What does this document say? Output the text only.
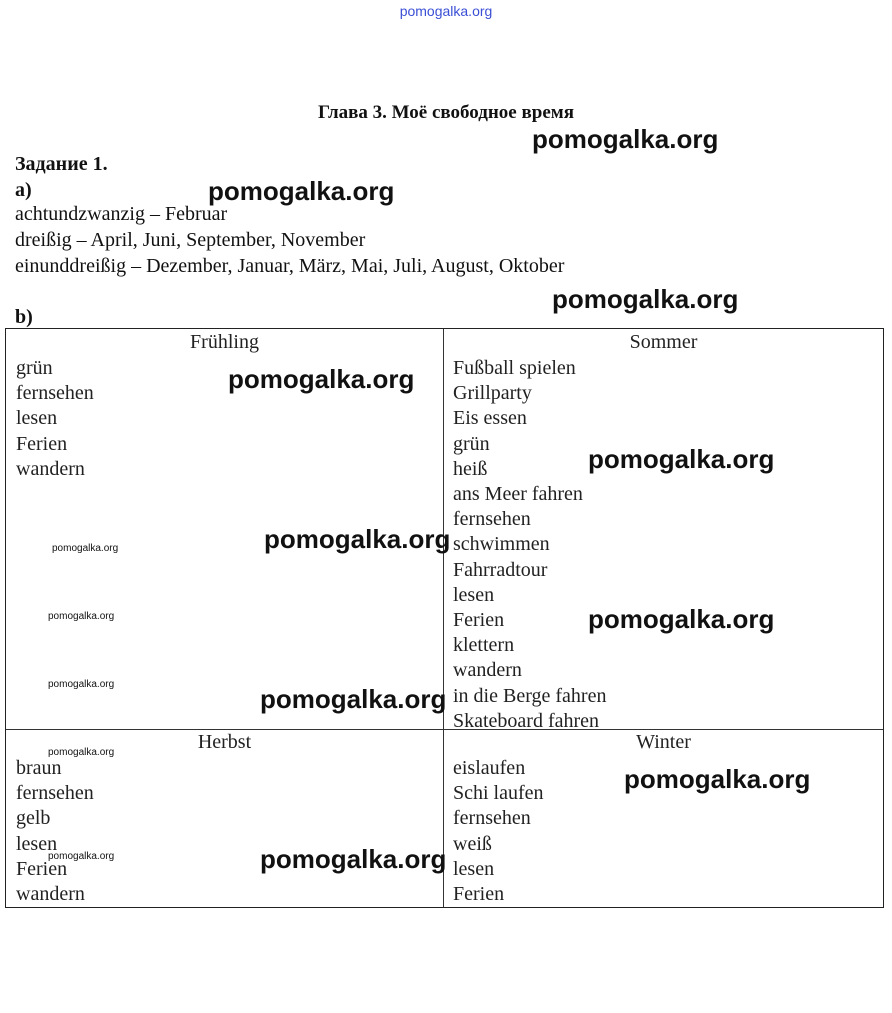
pomogalka.org
Глава 3. Моё свободное время
Задание 1.
a)
achtundzwanzig – Februar
dreißig – April, Juni, September, November
einunddreißig – Dezember, Januar, März, Mai, Juli, August, Oktober
b)
Frühling
grün
fernsehen
lesen
Ferien
wandern
Sommer
Fußball spielen
Grillparty
Eis essen
grün
heiß
ans Meer fahren
fernsehen
schwimmen
Fahrradtour
lesen
Ferien
klettern
wandern
in die Berge fahren
Skateboard fahren
Herbst
braun
fernsehen
gelb
lesen
Ferien
wandern
Winter
eislaufen
Schi laufen
fernsehen
weiß
lesen
Ferien
pomogalka.org
pomogalka.org
pomogalka.org
pomogalka.org
pomogalka.org
pomogalka.org
pomogalka.org
pomogalka.org
pomogalka.org
pomogalka.org
pomogalka.org
pomogalka.org
pomogalka.org
pomogalka.org
pomogalka.org
